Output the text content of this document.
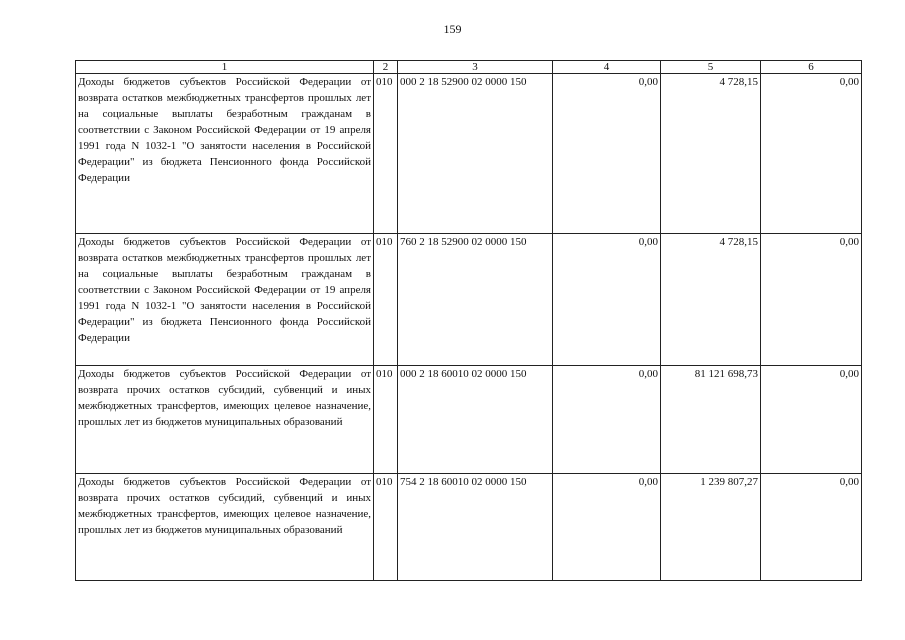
159
1	2	3	4	5	6
Доходы бюджетов субъектов Российской Федерации от возврата остатков межбюджетных трансфертов прошлых лет на социальные выплаты безработным гражданам в соответствии с Законом Российской Федерации от 19 апреля 1991 года N 1032-1 "О занятости населения в Российской Федерации" из бюджета Пенсионного фонда Российской Федерации	010	000 2 18 52900 02 0000 150	0,00	4 728,15	0,00
Доходы бюджетов субъектов Российской Федерации от возврата остатков межбюджетных трансфертов прошлых лет на социальные выплаты безработным гражданам в соответствии с Законом Российской Федерации от 19 апреля 1991 года N 1032-1 "О занятости населения в Российской Федерации" из бюджета Пенсионного фонда Российской Федерации	010	760 2 18 52900 02 0000 150	0,00	4 728,15	0,00
Доходы бюджетов субъектов Российской Федерации от возврата прочих остатков субсидий, субвенций и иных межбюджетных трансфертов, имеющих целевое назначение, прошлых лет из бюджетов муниципальных образований	010	000 2 18 60010 02 0000 150	0,00	81 121 698,73	0,00
Доходы бюджетов субъектов Российской Федерации от возврата прочих остатков субсидий, субвенций и иных межбюджетных трансфертов, имеющих целевое назначение, прошлых лет из бюджетов муниципальных образований	010	754 2 18 60010 02 0000 150	0,00	1 239 807,27	0,00
